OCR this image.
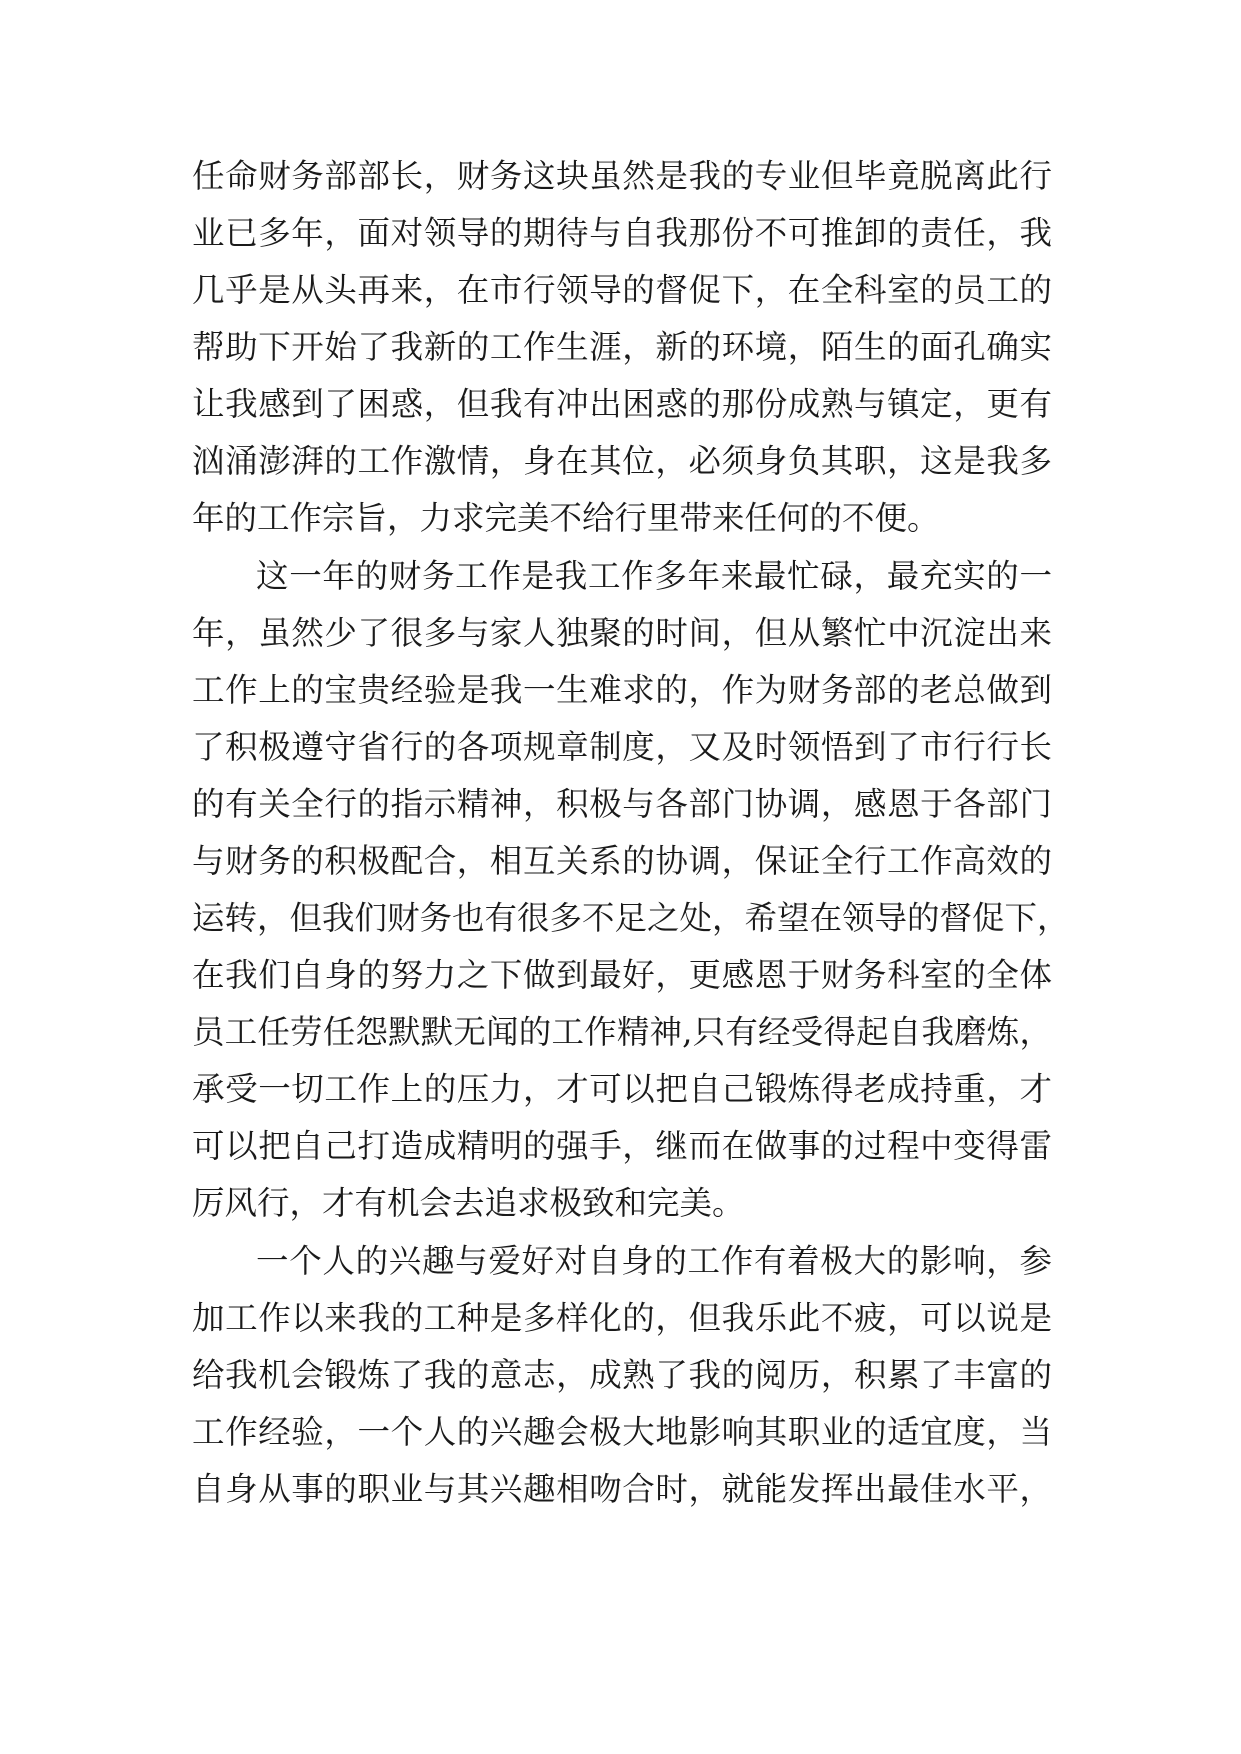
任命财务部部长，财务这块虽然是我的专业但毕竟脱离此行
业已多年，面对领导的期待与自我那份不可推卸的责任，我
几乎是从头再来，在市行领导的督促下，在全科室的员工的
帮助下开始了我新的工作生涯，新的环境，陌生的面孔确实
让我感到了困惑，但我有冲出困惑的那份成熟与镇定，更有
汹涌澎湃的工作激情，身在其位，必须身负其职，这是我多
年的工作宗旨，力求完美不给行里带来任何的不便。
这一年的财务工作是我工作多年来最忙碌，最充实的一
年，虽然少了很多与家人独聚的时间，但从繁忙中沉淀出来
工作上的宝贵经验是我一生难求的，作为财务部的老总做到
了积极遵守省行的各项规章制度，又及时领悟到了市行行长
的有关全行的指示精神，积极与各部门协调，感恩于各部门
与财务的积极配合，相互关系的协调，保证全行工作高效的
运转，但我们财务也有很多不足之处，希望在领导的督促下，
在我们自身的努力之下做到最好，更感恩于财务科室的全体
员工任劳任怨默默无闻的工作精神,只有经受得起自我磨炼，
承受一切工作上的压力，才可以把自己锻炼得老成持重，才
可以把自己打造成精明的强手，继而在做事的过程中变得雷
厉风行，才有机会去追求极致和完美。
一个人的兴趣与爱好对自身的工作有着极大的影响，参
加工作以来我的工种是多样化的，但我乐此不疲，可以说是
给我机会锻炼了我的意志，成熟了我的阅历，积累了丰富的
工作经验，一个人的兴趣会极大地影响其职业的适宜度，当
自身从事的职业与其兴趣相吻合时，就能发挥出最佳水平，
